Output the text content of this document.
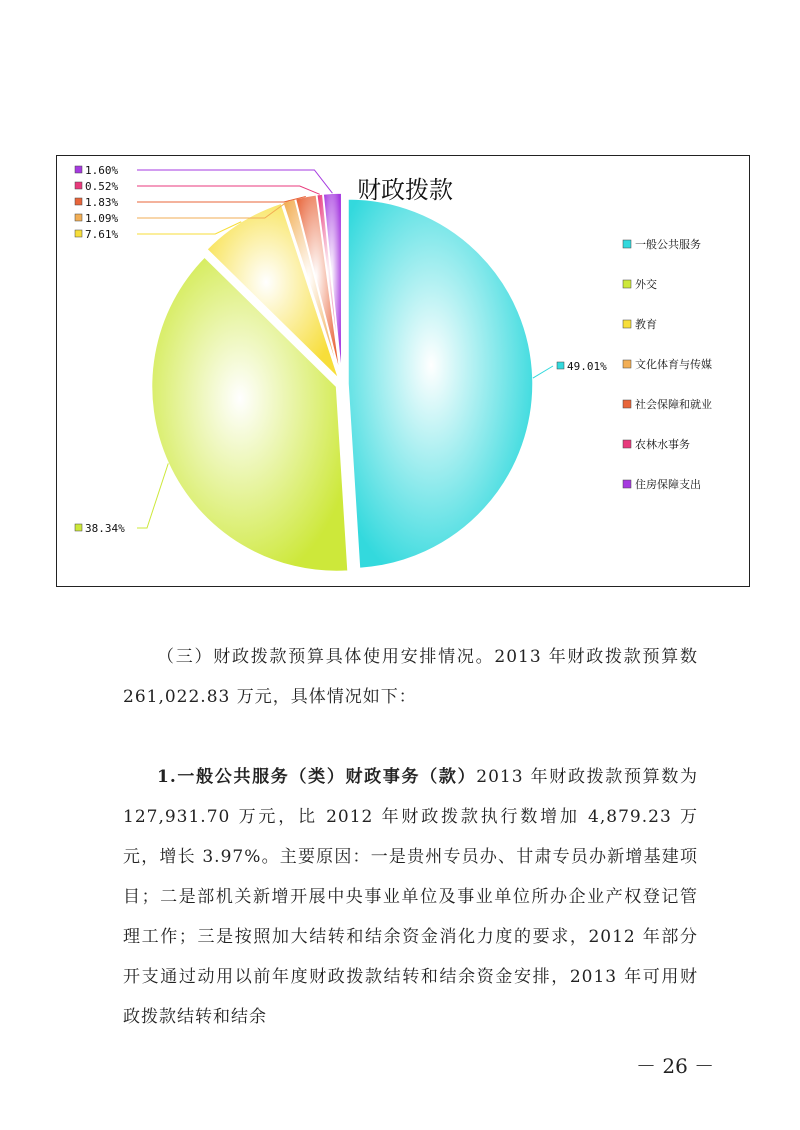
财政拨款
49.01%
38.34%
7.61%
1.09%
1.83%
0.52%
1.60%
一般公共服务
外交
教育
文化体育与传媒
社会保障和就业
农林水事务
住房保障支出

（三）财政拨款预算具体使用安排情况。2013 年财政拨款预算数 261,022.83 万元，具体情况如下：

1.一般公共服务（类）财政事务（款）2013 年财政拨款预算数为 127,931.70 万元，比 2012 年财政拨款执行数增加 4,879.23 万元，增长 3.97%。主要原因：一是贵州专员办、甘肃专员办新增基建项目；二是部机关新增开展中央事业单位及事业单位所办企业产权登记管理工作；三是按照加大结转和结余资金消化力度的要求，2012 年部分开支通过动用以前年度财政拨款结转和结余资金安排，2013 年可用财政拨款结转和结余

－ 26 －
